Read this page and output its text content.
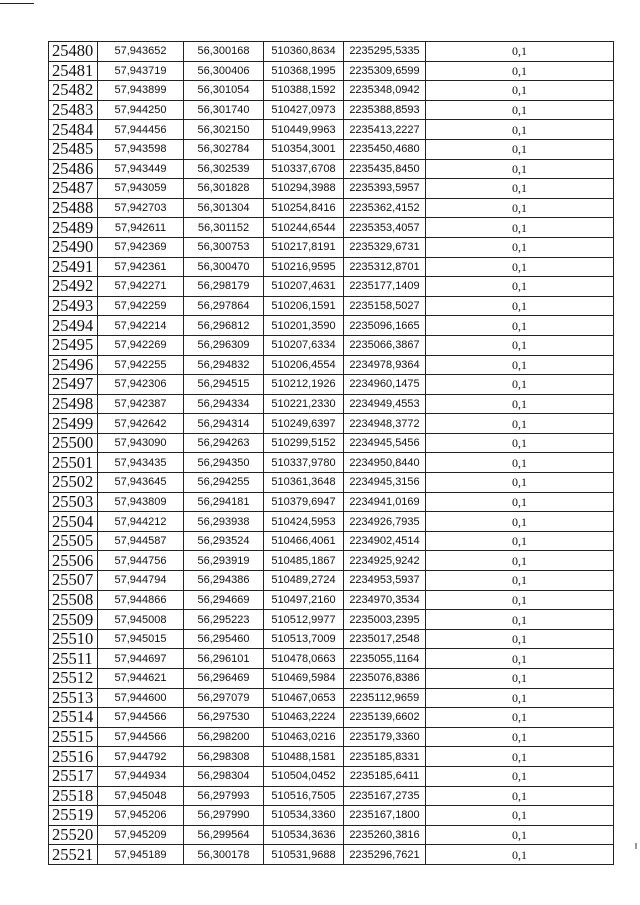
25480	57,943652	56,300168	510360,8634	2235295,5335	0,1
25481	57,943719	56,300406	510368,1995	2235309,6599	0,1
25482	57,943899	56,301054	510388,1592	2235348,0942	0,1
25483	57,944250	56,301740	510427,0973	2235388,8593	0,1
25484	57,944456	56,302150	510449,9963	2235413,2227	0,1
25485	57,943598	56,302784	510354,3001	2235450,4680	0,1
25486	57,943449	56,302539	510337,6708	2235435,8450	0,1
25487	57,943059	56,301828	510294,3988	2235393,5957	0,1
25488	57,942703	56,301304	510254,8416	2235362,4152	0,1
25489	57,942611	56,301152	510244,6544	2235353,4057	0,1
25490	57,942369	56,300753	510217,8191	2235329,6731	0,1
25491	57,942361	56,300470	510216,9595	2235312,8701	0,1
25492	57,942271	56,298179	510207,4631	2235177,1409	0,1
25493	57,942259	56,297864	510206,1591	2235158,5027	0,1
25494	57,942214	56,296812	510201,3590	2235096,1665	0,1
25495	57,942269	56,296309	510207,6334	2235066,3867	0,1
25496	57,942255	56,294832	510206,4554	2234978,9364	0,1
25497	57,942306	56,294515	510212,1926	2234960,1475	0,1
25498	57,942387	56,294334	510221,2330	2234949,4553	0,1
25499	57,942642	56,294314	510249,6397	2234948,3772	0,1
25500	57,943090	56,294263	510299,5152	2234945,5456	0,1
25501	57,943435	56,294350	510337,9780	2234950,8440	0,1
25502	57,943645	56,294255	510361,3648	2234945,3156	0,1
25503	57,943809	56,294181	510379,6947	2234941,0169	0,1
25504	57,944212	56,293938	510424,5953	2234926,7935	0,1
25505	57,944587	56,293524	510466,4061	2234902,4514	0,1
25506	57,944756	56,293919	510485,1867	2234925,9242	0,1
25507	57,944794	56,294386	510489,2724	2234953,5937	0,1
25508	57,944866	56,294669	510497,2160	2234970,3534	0,1
25509	57,945008	56,295223	510512,9977	2235003,2395	0,1
25510	57,945015	56,295460	510513,7009	2235017,2548	0,1
25511	57,944697	56,296101	510478,0663	2235055,1164	0,1
25512	57,944621	56,296469	510469,5984	2235076,8386	0,1
25513	57,944600	56,297079	510467,0653	2235112,9659	0,1
25514	57,944566	56,297530	510463,2224	2235139,6602	0,1
25515	57,944566	56,298200	510463,0216	2235179,3360	0,1
25516	57,944792	56,298308	510488,1581	2235185,8331	0,1
25517	57,944934	56,298304	510504,0452	2235185,6411	0,1
25518	57,945048	56,297993	510516,7505	2235167,2735	0,1
25519	57,945206	56,297990	510534,3360	2235167,1800	0,1
25520	57,945209	56,299564	510534,3636	2235260,3816	0,1
25521	57,945189	56,300178	510531,9688	2235296,7621	0,1
